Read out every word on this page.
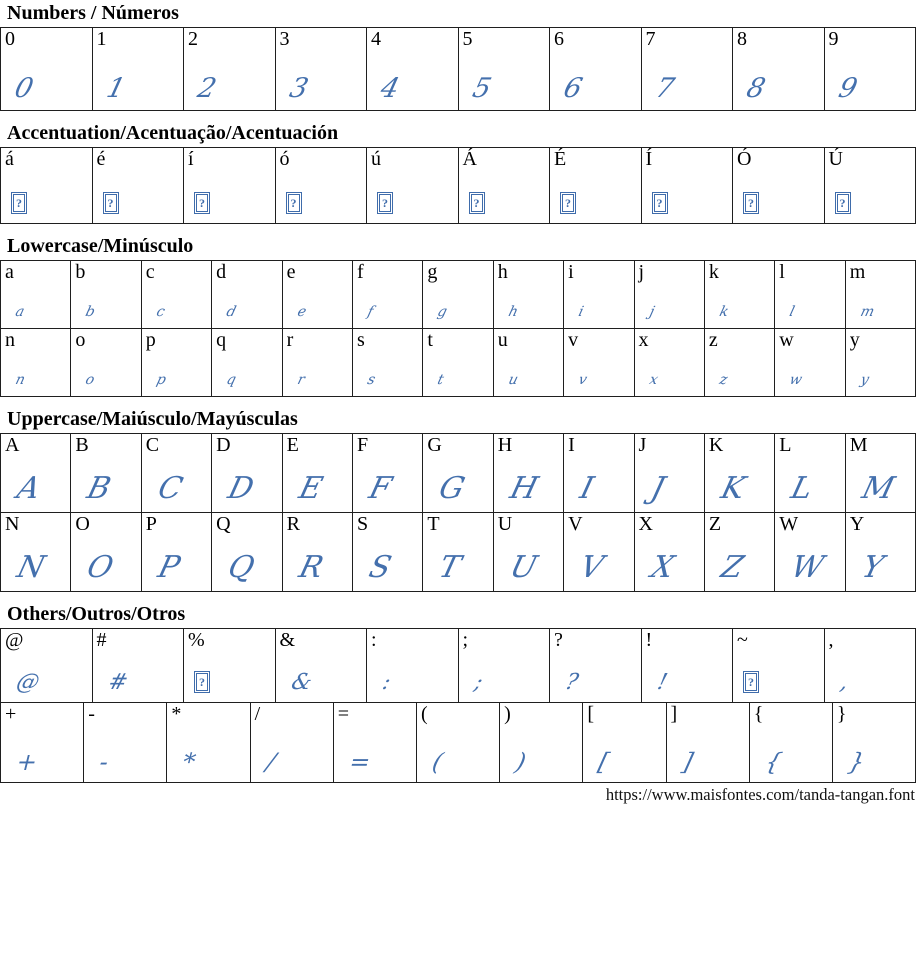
Numbers / Números
0
0
1
1
2
2
3
3
4
4
5
5
6
6
7
7
8
8
9
9
Accentuation/Acentuação/Acentuación
á
?
é
?
í
?
ó
?
ú
?
Á
?
É
?
Í
?
Ó
?
Ú
?
Lowercase/Minúsculo
a
a
b
b
c
c
d
d
e
e
f
f
g
g
h
h
i
i
j
j
k
k
l
l
m
m
n
n
o
o
p
p
q
q
r
r
s
s
t
t
u
u
v
v
x
x
z
z
w
w
y
y
Uppercase/Maiúsculo/Mayúsculas
A
A
B
B
C
C
D
D
E
E
F
F
G
G
H
H
I
I
J
J
K
K
L
L
M
M
N
N
O
O
P
P
Q
Q
R
R
S
S
T
T
U
U
V
V
X
X
Z
Z
W
W
Y
Y
Others/Outros/Otros
@
@
#
#
%
?
&
&
:
:
;
;
?
?
!
!
~
?
,
,
+
+
-
-
*
*
/
/
=
=
(
(
)
)
[
[
]
]
{
{
}
}
https://www.maisfontes.com/tanda-tangan.font
